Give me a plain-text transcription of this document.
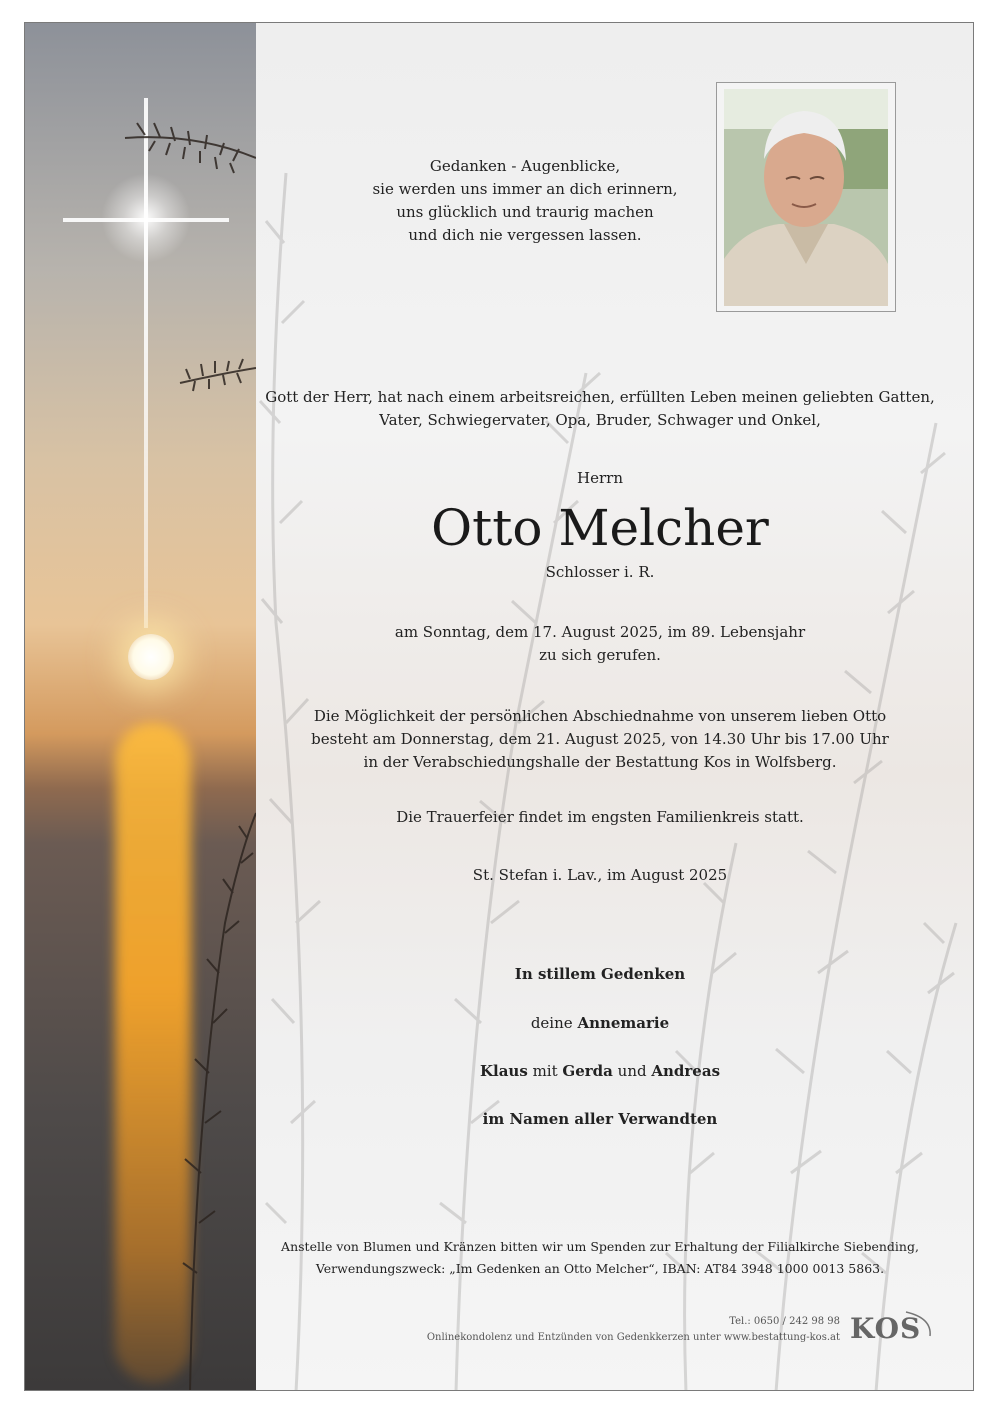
Gedanken - Augenblicke,
sie werden uns immer an dich erinnern,
uns glücklich und traurig machen
und dich nie vergessen lassen.
Gott der Herr, hat nach einem arbeitsreichen, erfüllten Leben meinen geliebten Gatten,
Vater, Schwiegervater, Opa, Bruder, Schwager und Onkel,
Herrn
Otto Melcher
Schlosser i. R.
am Sonntag, dem 17. August 2025, im 89. Lebensjahr
zu sich gerufen.
Die Möglichkeit der persönlichen Abschiednahme von unserem lieben Otto
besteht am Donnerstag, dem 21. August 2025, von 14.30 Uhr bis 17.00 Uhr
in der Verabschiedungshalle der Bestattung Kos in Wolfsberg.
Die Trauerfeier findet im engsten Familienkreis statt.
St. Stefan i. Lav., im August 2025
In stillem Gedenken
deine Annemarie
Klaus mit Gerda und Andreas
im Namen aller Verwandten
Anstelle von Blumen und Kränzen bitten wir um Spenden zur Erhaltung der Filialkirche Siebending,
Verwendungszweck: „Im Gedenken an Otto Melcher“, IBAN: AT84 3948 1000 0013 5863.
Tel.: 0650 / 242 98 98
Onlinekondolenz und Entzünden von Gedenkkerzen unter www.bestattung-kos.at KOS
